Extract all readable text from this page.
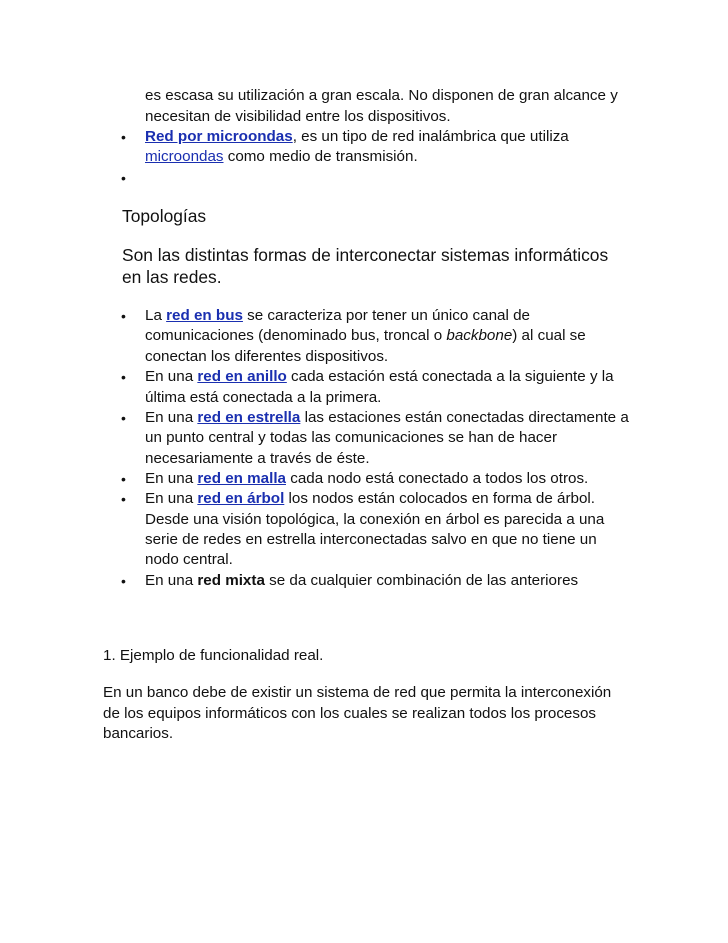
es escasa su utilización a gran escala. No disponen de gran alcance y
necesitan de visibilidad entre los dispositivos.
• Red por microondas, es un tipo de red inalámbrica que utiliza
microondas como medio de transmisión.
•
Topologías
Son las distintas formas de interconectar sistemas informáticos
en las redes.
• La red en bus se caracteriza por tener un único canal de
comunicaciones (denominado bus, troncal o backbone) al cual se
conectan los diferentes dispositivos.
• En una red en anillo cada estación está conectada a la siguiente y la
última está conectada a la primera.
• En una red en estrella las estaciones están conectadas directamente a
un punto central y todas las comunicaciones se han de hacer
necesariamente a través de éste.
• En una red en malla cada nodo está conectado a todos los otros.
• En una red en árbol los nodos están colocados en forma de árbol.
Desde una visión topológica, la conexión en árbol es parecida a una
serie de redes en estrella interconectadas salvo en que no tiene un
nodo central.
• En una red mixta se da cualquier combinación de las anteriores
1. Ejemplo de funcionalidad real.
En un banco debe de existir un sistema de red que permita la interconexión
de los equipos informáticos con los cuales se realizan todos los procesos
bancarios.
